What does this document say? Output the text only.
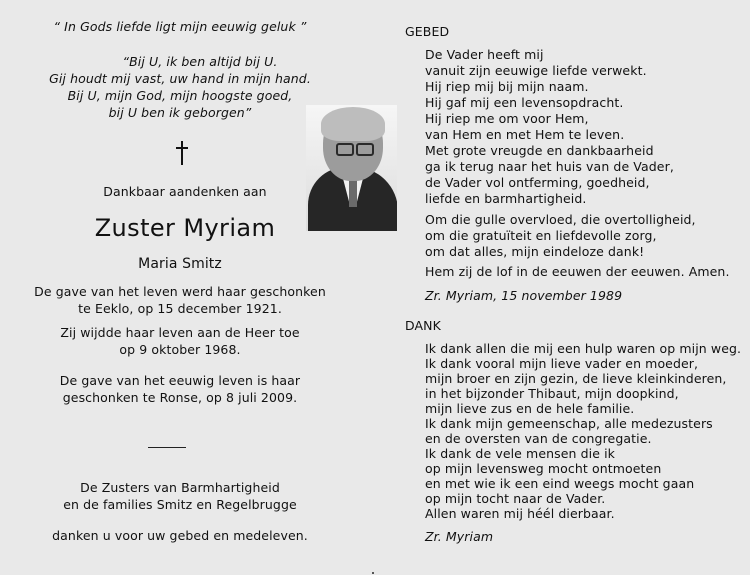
“ In Gods liefde ligt mijn eeuwig geluk ”
“Bij U, ik ben altijd bij U.
Gij houdt mij vast, uw hand in mijn hand.
Bij U, mijn God, mijn hoogste goed,
bij U ben ik geborgen”
Dankbaar aandenken aan
Zuster Myriam
Maria Smitz
De gave van het leven werd haar geschonken
te Eeklo, op 15 december 1921.
Zij wijdde haar leven aan de Heer toe
op 9 oktober 1968.
De gave van het eeuwig leven is haar
geschonken te Ronse, op 8 juli 2009.
De Zusters van Barmhartigheid
en de families Smitz en Regelbrugge
danken u voor uw gebed en medeleven.
GEBED
De Vader heeft mij
vanuit zijn eeuwige liefde verwekt.
Hij riep mij bij mijn naam.
Hij gaf mij een levensopdracht.
Hij riep me om voor Hem,
van Hem en met Hem te leven.
Met grote vreugde en dankbaarheid
ga ik terug naar het huis van de Vader,
de Vader vol ontferming, goedheid,
liefde en barmhartigheid.
Om die gulle overvloed, die overtolligheid,
om die gratuïteit en liefdevolle zorg,
om dat alles, mijn eindeloze dank!
Hem zij de lof in de eeuwen der eeuwen. Amen.
Zr. Myriam, 15 november 1989
DANK
Ik dank allen die mij een hulp waren op mijn weg.
Ik dank vooral mijn lieve vader en moeder,
mijn broer en zijn gezin, de lieve kleinkinderen,
in het bijzonder Thibaut, mijn doopkind,
mijn lieve zus en de hele familie.
Ik dank mijn gemeenschap, alle medezusters
en de oversten van de congregatie.
Ik dank de vele mensen die ik
op mijn levensweg mocht ontmoeten
en met wie ik een eind weegs mocht gaan
op mijn tocht naar de Vader.
Allen waren mij héél dierbaar.
Zr. Myriam
